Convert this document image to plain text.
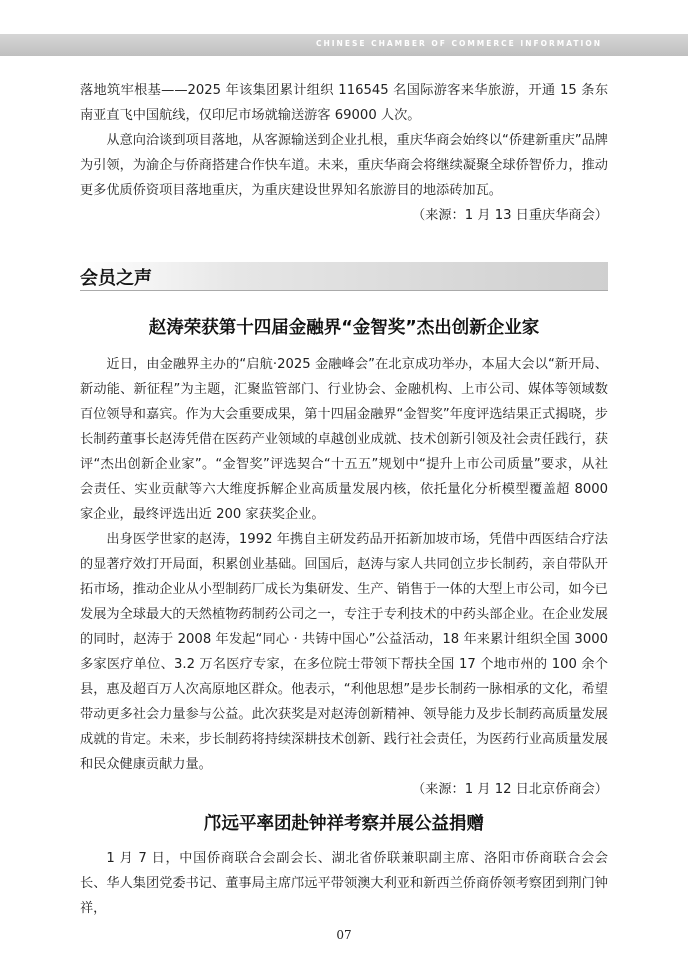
CHINESE CHAMBER OF COMMERCE INFORMATION

落地筑牢根基——2025 年该集团累计组织 116545 名国际游客来华旅游，开通 15 条东南亚直飞中国航线，仅印尼市场就输送游客 69000 人次。

从意向洽谈到项目落地，从客源输送到企业扎根，重庆华商会始终以“侨建新重庆”品牌为引领，为渝企与侨商搭建合作快车道。未来，重庆华商会将继续凝聚全球侨智侨力，推动更多优质侨资项目落地重庆，为重庆建设世界知名旅游目的地添砖加瓦。

（来源：1 月 13 日重庆华商会）

会员之声
赵涛荣获第十四届金融界“金智奖”杰出创新企业家

近日，由金融界主办的“启航·2025 金融峰会”在北京成功举办，本届大会以“新开局、新动能、新征程”为主题，汇聚监管部门、行业协会、金融机构、上市公司、媒体等领域数百位领导和嘉宾。作为大会重要成果，第十四届金融界“金智奖”年度评选结果正式揭晓，步长制药董事长赵涛凭借在医药产业领域的卓越创业成就、技术创新引领及社会责任践行，获评“杰出创新企业家”。“金智奖”评选契合“十五五”规划中“提升上市公司质量”要求，从社会责任、实业贡献等六大维度拆解企业高质量发展内核，依托量化分析模型覆盖超 8000 家企业，最终评选出近 200 家获奖企业。

出身医学世家的赵涛，1992 年携自主研发药品开拓新加坡市场，凭借中西医结合疗法的显著疗效打开局面，积累创业基础。回国后，赵涛与家人共同创立步长制药，亲自带队开拓市场，推动企业从小型制药厂成长为集研发、生产、销售于一体的大型上市公司，如今已发展为全球最大的天然植物药制药公司之一，专注于专利技术的中药头部企业。在企业发展的同时，赵涛于 2008 年发起“同心 · 共铸中国心”公益活动，18 年来累计组织全国 3000 多家医疗单位、3.2 万名医疗专家，在多位院士带领下帮扶全国 17 个地市州的 100 余个县，惠及超百万人次高原地区群众。他表示，“利他思想”是步长制药一脉相承的文化，希望带动更多社会力量参与公益。此次获奖是对赵涛创新精神、领导能力及步长制药高质量发展成就的肯定。未来，步长制药将持续深耕技术创新、践行社会责任，为医药行业高质量发展和民众健康贡献力量。

（来源：1 月 12 日北京侨商会）

邝远平率团赴钟祥考察并展公益捐赠

1 月 7 日，中国侨商联合会副会长、湖北省侨联兼职副主席、洛阳市侨商联合会会长、华人集团党委书记、董事局主席邝远平带领澳大利亚和新西兰侨商侨领考察团到荆门钟祥，

07
